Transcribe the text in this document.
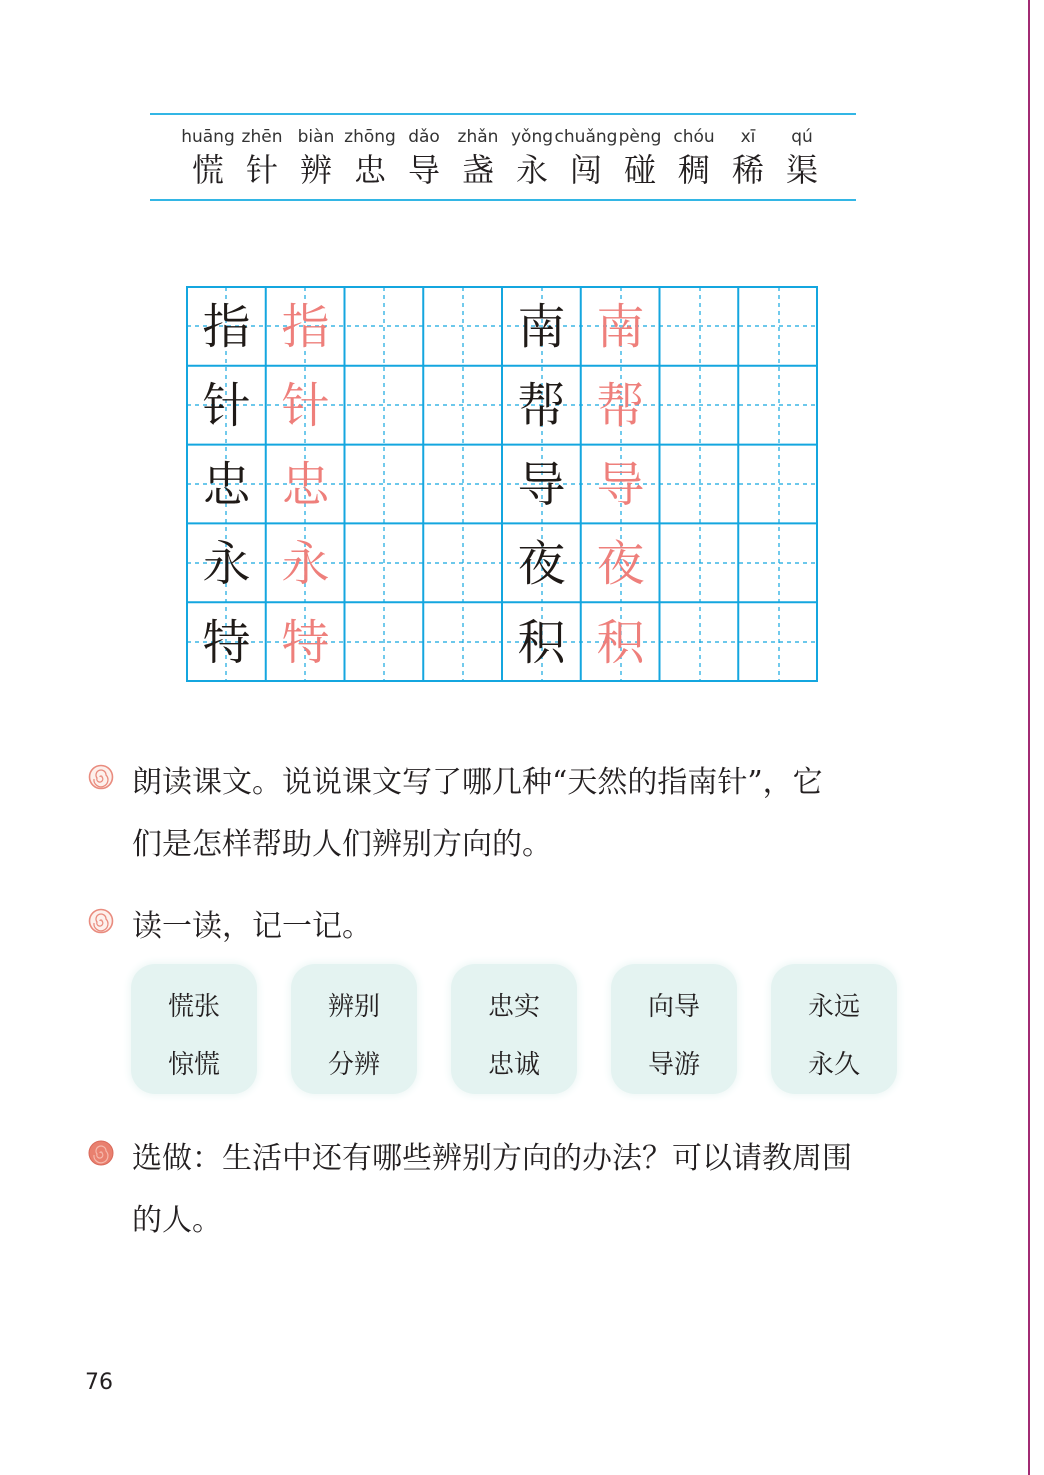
huāng
慌
zhēn
针
biàn
辨
zhōng
忠
dǎo
导
zhǎn
盏
yǒng
永
chuǎng
闯
pèng
碰
chóu
稠
xī
稀
qú
渠
指 指
针 针
忠 忠
永 永
特 特
南 南
帮 帮
导 导
夜 夜
积 积
朗读课文。说说课文写了哪几种“天然的指南针”，它
们是怎样帮助人们辨别方向的。
读一读，记一记。
慌张
惊慌
辨别
分辨
忠实
忠诚
向导
导游
永远
永久
选做：生活中还有哪些辨别方向的办法？可以请教周围
的人。
76
